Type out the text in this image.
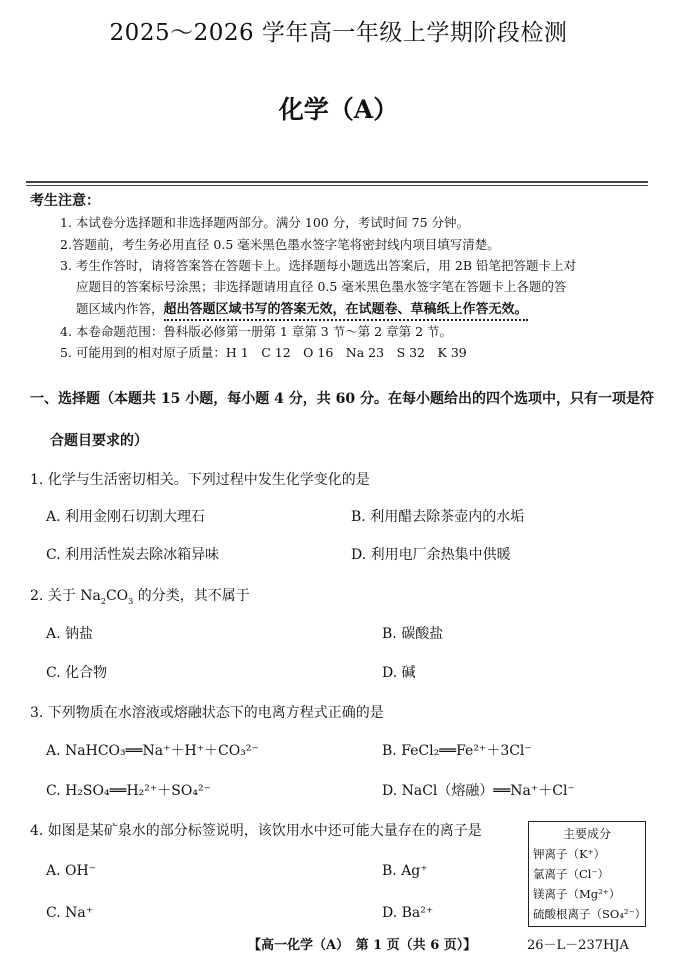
2025～2026 学年高一年级上学期阶段检测
化学（A）
考生注意：
1. 本试卷分选择题和非选择题两部分。满分 100 分，考试时间 75 分钟。
2.答题前，考生务必用直径 0.5 毫米黑色墨水签字笔将密封线内项目填写清楚。
3. 考生作答时，请将答案答在答题卡上。选择题每小题选出答案后，用 2B 铅笔把答题卡上对
应题目的答案标号涂黑；非选择题请用直径 0.5 毫米黑色墨水签字笔在答题卡上各题的答
题区域内作答，超出答题区域书写的答案无效，在试题卷、草稿纸上作答无效。
4. 本卷命题范围：鲁科版必修第一册第 1 章第 3 节～第 2 章第 2 节。
5. 可能用到的相对原子质量：H 1　C 12　O 16　Na 23　S 32　K 39
一、选择题（本题共 15 小题，每小题 4 分，共 60 分。在每小题给出的四个选项中，只有一项是符
合题目要求的）
1. 化学与生活密切相关。下列过程中发生化学变化的是
A. 利用金刚石切割大理石	B. 利用醋去除茶壶内的水垢
C. 利用活性炭去除冰箱异味	D. 利用电厂余热集中供暖
2. 关于 $Na_2CO_3$ 的分类，其不属于
A. 钠盐	B. 碳酸盐
C. 化合物	D. 碱
3. 下列物质在水溶液或熔融状态下的电离方程式正确的是
A. NaHCO₃══Na⁺＋H⁺＋CO₃²⁻	B. FeCl₂══Fe²⁺＋3Cl⁻
C. H₂SO₄══H₂²⁺＋SO₄²⁻	D. NaCl（熔融）══Na⁺＋Cl⁻
4. 如图是某矿泉水的部分标签说明，该饮用水中还可能大量存在的离子是
A. OH⁻	B. Ag⁺
C. Na⁺	D. Ba²⁺
主要成分
钾离子（K⁺）
氯离子（Cl⁻）
镁离子（Mg²⁺）
硫酸根离子（SO₄²⁻）
【高一化学（A）　第 1 页（共 6 页）】	26－L－237HJA
